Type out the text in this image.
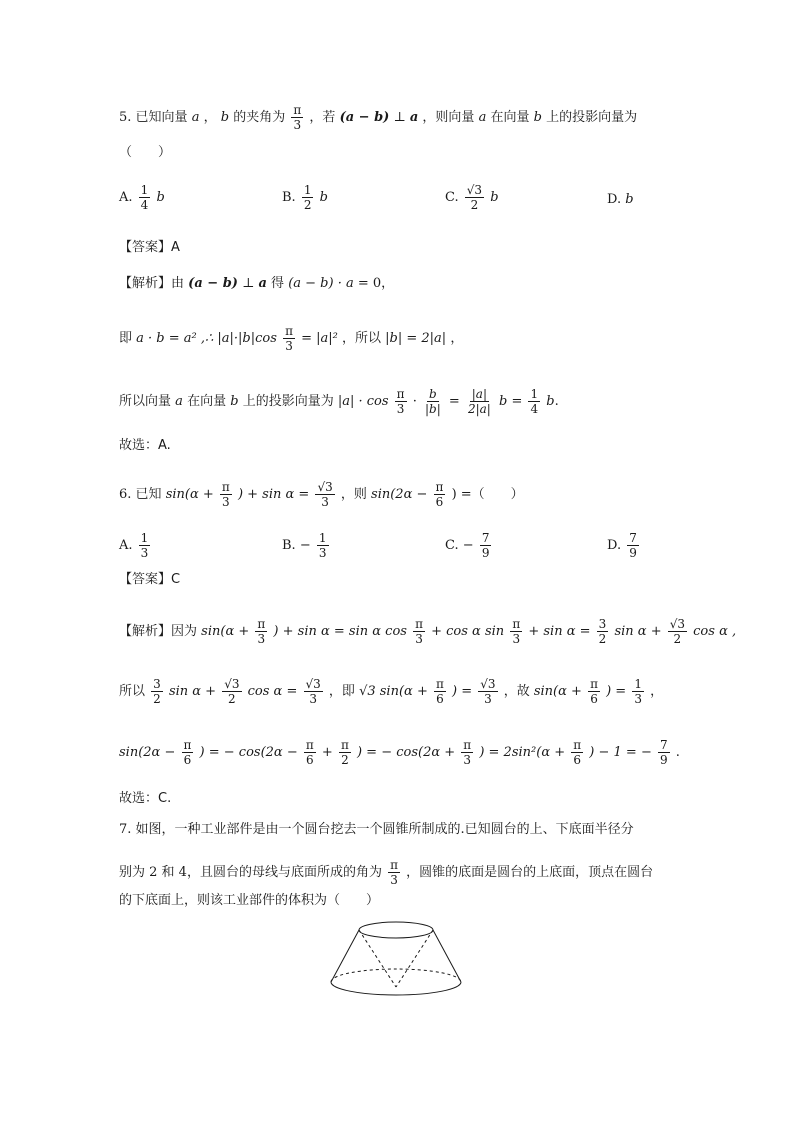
5. 已知向量 a ， b 的夹角为 $\frac{\pi}{3}$ ，若 (a − b) ⊥ a ，则向量 a 在向量 b 上的投影向量为
（　　）
A. $\frac{1}{4}$ b	B. $\frac{1}{2}$ b	C. $\frac{√3}{2}$ b	D. b
【答案】A
【解析】由 (a − b) ⊥ a 得 (a − b) · a = 0，
即 a · b = a² ,∴ $|a|\cdot|b|\cos \frac{\pi}{3} = |a|^2$ ，所以 |b| = 2|a| ，
所以向量 a 在向量 b 上的投影向量为 $|a| \cdot \cos \frac{\pi}{3} \cdot \frac{b}{|b|} = \frac{|a|}{2|a|}$ $b = \frac{1}{4} b$.
故选：A.
6. 已知 $\sin(\alpha + \frac{\pi}{3}$ ) + $\sin \alpha = \frac{√3}{3}$ ，则 $\sin(2\alpha - \frac{\pi}{6}$ ) =（　　）
A. $\frac{1}{3}$	B. − $\frac{1}{3}$	C. − $\frac{7}{9}$	D. $\frac{7}{9}$
【答案】C
【解析】因为 $\sin(\alpha + \frac{\pi}{3}$ ) + sin α = sin α $\cos \frac{\pi}{3} + \cos \alpha$ $\sin \frac{\pi}{3} + \sin \alpha = \frac{3}{2}$ $\sin \alpha + \frac{√3}{2}$ cos α ,
所以 $\frac{3}{2}$ $\sin \alpha + \frac{√3}{2}$ $\cos \alpha = \frac{√3}{3}$ ，即 √3 $\sin(\alpha + \frac{\pi}{6}$ ) = $\frac{√3}{3}$ ，故 $\sin(\alpha + \frac{\pi}{6}$ ) = $\frac{1}{3}$ ，
$\sin(2\alpha - \frac{\pi}{6}$ ) = − $\cos(2\alpha - \frac{\pi}{6} + \frac{\pi}{2}$ ) = − $\cos(2\alpha + \frac{\pi}{3}$ ) = $2\sin^2(\alpha + \frac{\pi}{6}$ ) − 1 = − $\frac{7}{9}$ .
故选：C.
7. 如图，一种工业部件是由一个圆台挖去一个圆锥所制成的.已知圆台的上、下底面半径分
别为 2 和 4，且圆台的母线与底面所成的角为 $\frac{\pi}{3}$ ，圆锥的底面是圆台的上底面，顶点在圆台
的下底面上，则该工业部件的体积为（　　）
